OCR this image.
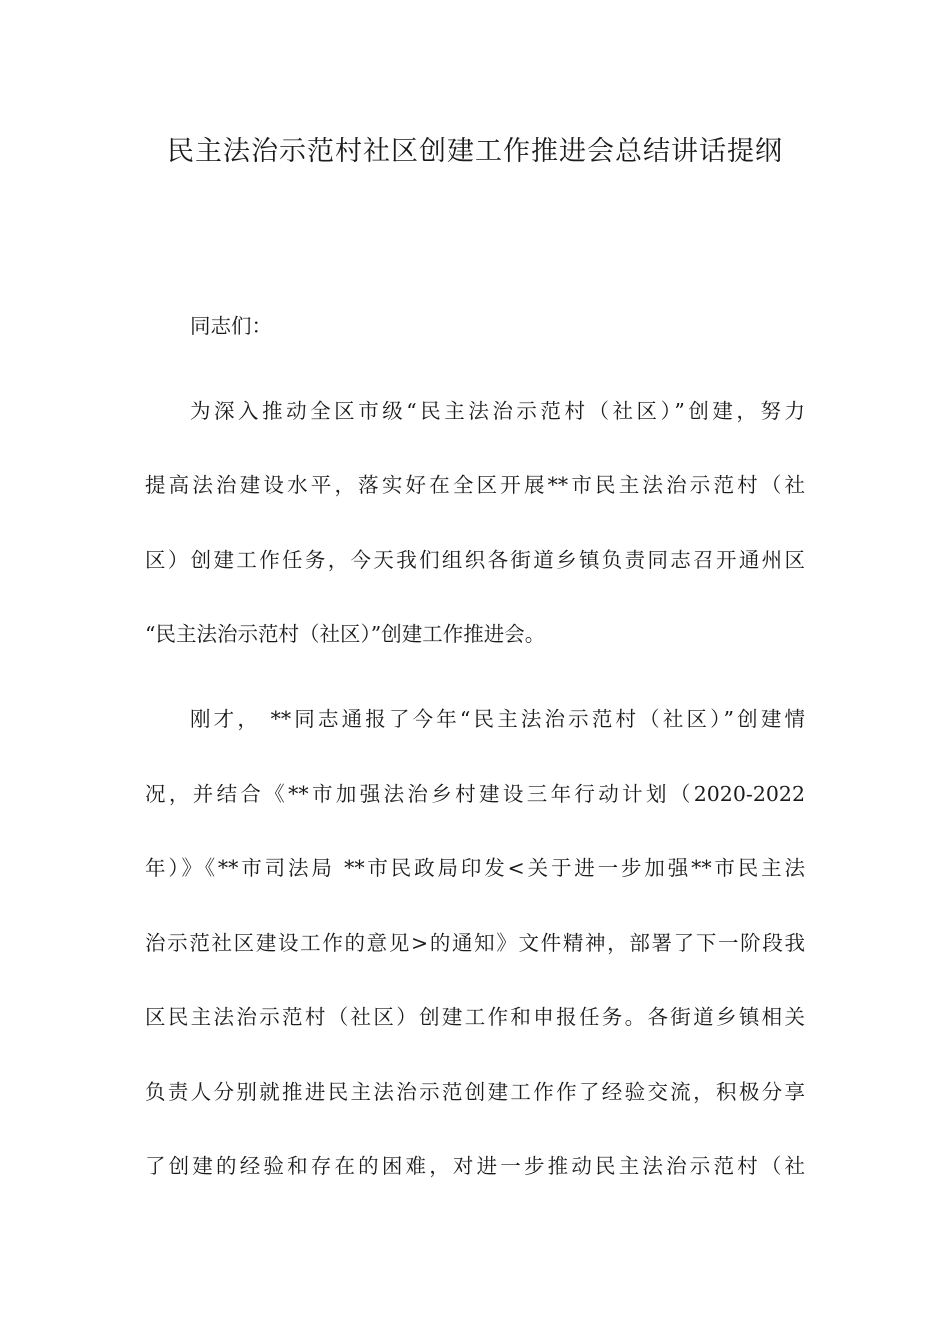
民主法治示范村社区创建工作推进会总结讲话提纲
同志们：
为深入推动全区市级“民主法治示范村（社区）”创建，努力
提高法治建设水平，落实好在全区开展**市民主法治示范村（社
区）创建工作任务，今天我们组织各街道乡镇负责同志召开通州区
“民主法治示范村（社区）”创建工作推进会。
刚才， **同志通报了今年“民主法治示范村（社区）”创建情
况，并结合《**市加强法治乡村建设三年行动计划（2020-2022
年）》《**市司法局 **市民政局印发<关于进一步加强**市民主法
治示范社区建设工作的意见>的通知》文件精神，部署了下一阶段我
区民主法治示范村（社区）创建工作和申报任务。各街道乡镇相关
负责人分别就推进民主法治示范创建工作作了经验交流，积极分享
了创建的经验和存在的困难，对进一步推动民主法治示范村（社
